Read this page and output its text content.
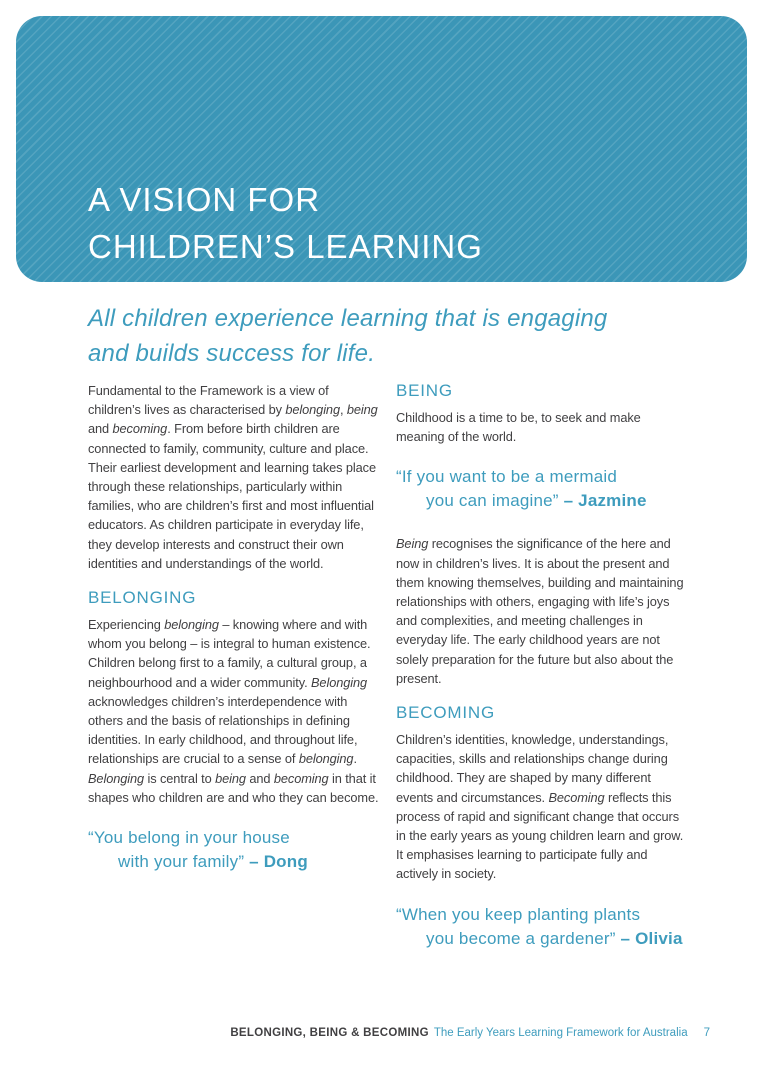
A VISION FOR
CHILDREN’S LEARNING
All children experience learning that is engaging
and builds success for life.

Fundamental to the Framework is a view of children’s lives as characterised by belonging, being and becoming. From before birth children are connected to family, community, culture and place. Their earliest development and learning takes place through these relationships, particularly within families, who are children’s first and most influential educators. As children participate in everyday life, they develop interests and construct their own identities and understandings of the world.

BELONGING

Experiencing belonging – knowing where and with whom you belong – is integral to human existence. Children belong first to a family, a cultural group, a neighbourhood and a wider community. Belonging acknowledges children’s interdependence with others and the basis of relationships in defining identities. In early childhood, and throughout life, relationships are crucial to a sense of belonging. Belonging is central to being and becoming in that it shapes who children are and who they can become.

“You belong in your house
with your family” – Dong
BEING

Childhood is a time to be, to seek and make meaning of the world.

“If you want to be a mermaid
you can imagine” – Jazmine

Being recognises the significance of the here and now in children’s lives. It is about the present and them knowing themselves, building and maintaining relationships with others, engaging with life’s joys and complexities, and meeting challenges in everyday life. The early childhood years are not solely preparation for the future but also about the present.

BECOMING

Children’s identities, knowledge, understandings, capacities, skills and relationships change during childhood. They are shaped by many different events and circumstances. Becoming reflects this process of rapid and significant change that occurs in the early years as young children learn and grow. It emphasises learning to participate fully and actively in society.

“When you keep planting plants
you become a gardener” – Olivia
BELONGING, BEING & BECOMING The Early Years Learning Framework for Australia 7
